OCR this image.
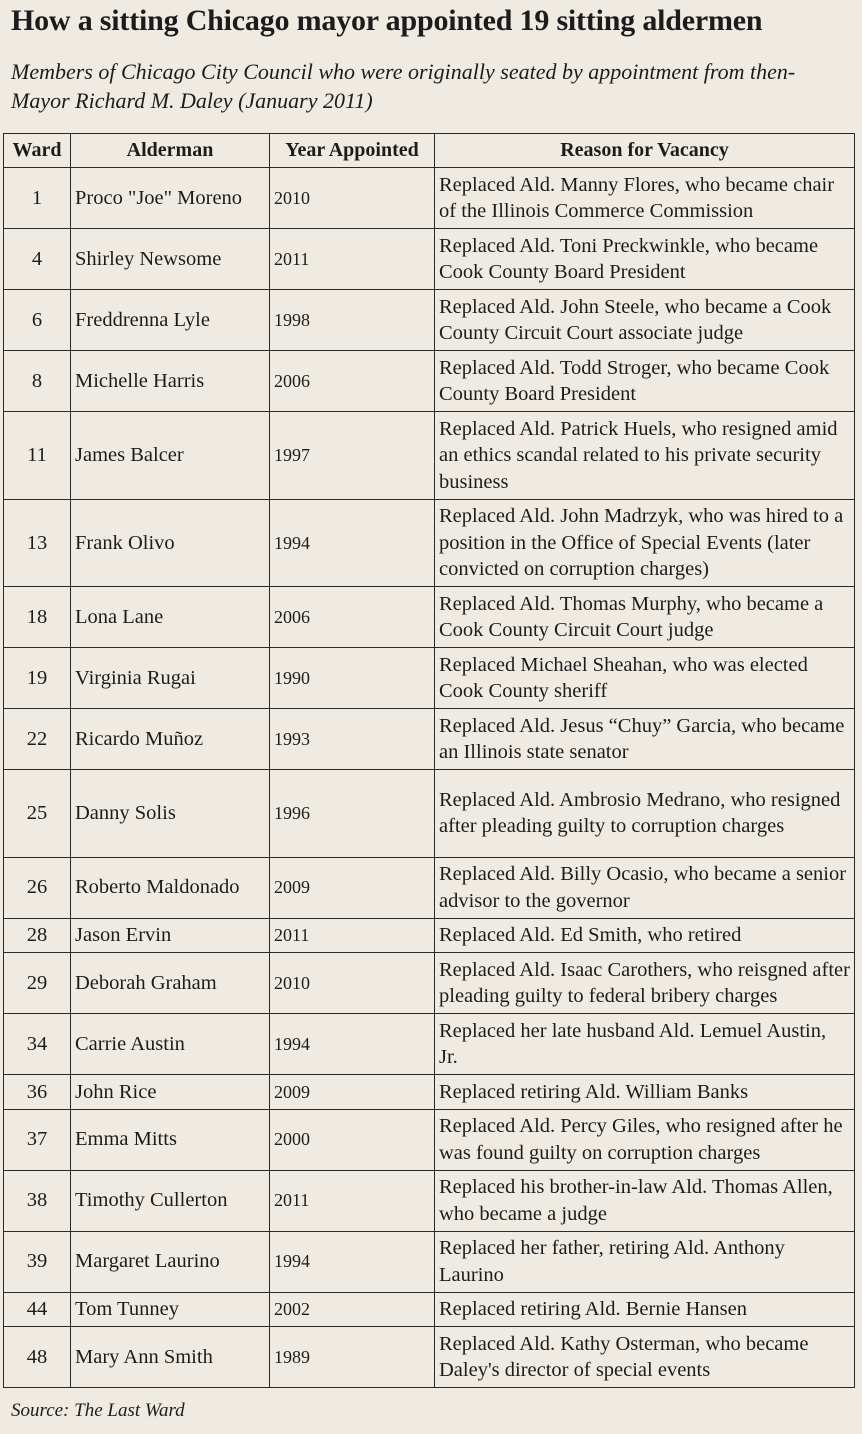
How a sitting Chicago mayor appointed 19 sitting aldermen
Members of Chicago City Council who were originally seated by appointment from then-Mayor Richard M. Daley (January 2011)
Ward	Alderman	Year Appointed	Reason for Vacancy
1	Proco "Joe" Moreno	2010	Replaced Ald. Manny Flores, who became chair of the Illinois Commerce Commission
4	Shirley Newsome	2011	Replaced Ald. Toni Preckwinkle, who became Cook County Board President
6	Freddrenna Lyle	1998	Replaced Ald. John Steele, who became a Cook County Circuit Court associate judge
8	Michelle Harris	2006	Replaced Ald. Todd Stroger, who became Cook County Board President
11	James Balcer	1997	Replaced Ald. Patrick Huels, who resigned amid an ethics scandal related to his private security business
13	Frank Olivo	1994	Replaced Ald. John Madrzyk, who was hired to a position in the Office of Special Events (later convicted on corruption charges)
18	Lona Lane	2006	Replaced Ald. Thomas Murphy, who became a Cook County Circuit Court judge
19	Virginia Rugai	1990	Replaced Michael Sheahan, who was elected Cook County sheriff
22	Ricardo Muñoz	1993	Replaced Ald. Jesus “Chuy” Garcia, who became an Illinois state senator
25	Danny Solis	1996	Replaced Ald. Ambrosio Medrano, who resigned after pleading guilty to corruption charges
26	Roberto Maldonado	2009	Replaced Ald. Billy Ocasio, who became a senior advisor to the governor
28	Jason Ervin	2011	Replaced Ald. Ed Smith, who retired
29	Deborah Graham	2010	Replaced Ald. Isaac Carothers, who reisgned after pleading guilty to federal bribery charges
34	Carrie Austin	1994	Replaced her late husband Ald. Lemuel Austin, Jr.
36	John Rice	2009	Replaced retiring Ald. William Banks
37	Emma Mitts	2000	Replaced Ald. Percy Giles, who resigned after he was found guilty on corruption charges
38	Timothy Cullerton	2011	Replaced his brother-in-law Ald. Thomas Allen, who became a judge
39	Margaret Laurino	1994	Replaced her father, retiring Ald. Anthony Laurino
44	Tom Tunney	2002	Replaced retiring Ald. Bernie Hansen
48	Mary Ann Smith	1989	Replaced Ald. Kathy Osterman, who became Daley's director of special events
Source: The Last Ward
